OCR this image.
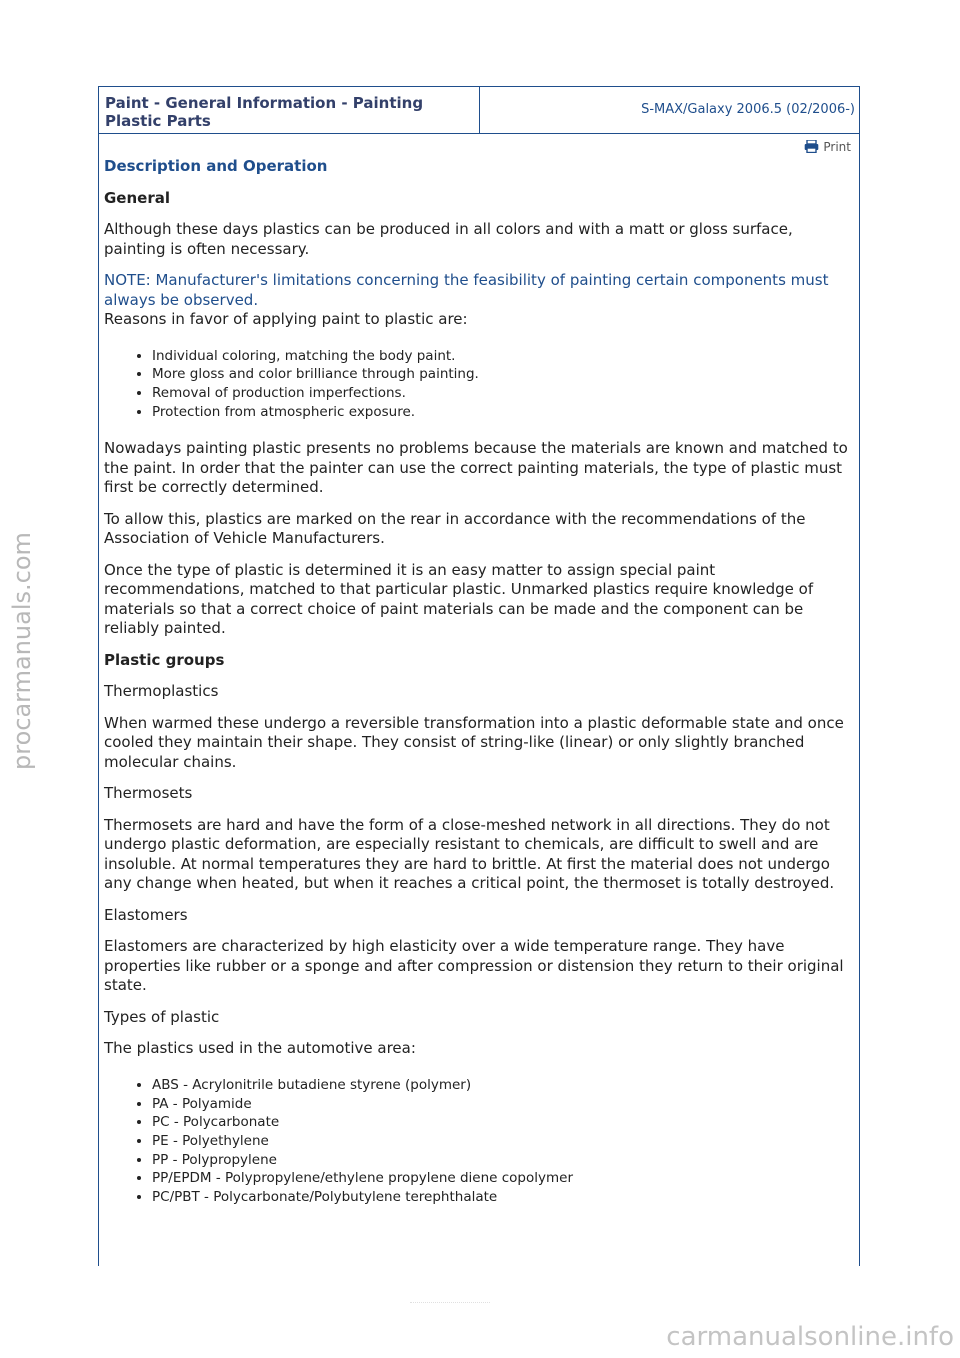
Paint - General Information - Painting Plastic Parts
S-MAX/Galaxy 2006.5 (02/2006-)
Print
Description and Operation
General

Although these days plastics can be produced in all colors and with a matt or gloss surface, painting is often necessary.

NOTE: Manufacturer's limitations concerning the feasibility of painting certain components must always be observed.

Reasons in favor of applying paint to plastic are:

• Individual coloring, matching the body paint.
• More gloss and color brilliance through painting.
• Removal of production imperfections.
• Protection from atmospheric exposure.

Nowadays painting plastic presents no problems because the materials are known and matched to the paint. In order that the painter can use the correct painting materials, the type of plastic must first be correctly determined.

To allow this, plastics are marked on the rear in accordance with the recommendations of the Association of Vehicle Manufacturers.

Once the type of plastic is determined it is an easy matter to assign special paint recommendations, matched to that particular plastic. Unmarked plastics require knowledge of materials so that a correct choice of paint materials can be made and the component can be reliably painted.

Plastic groups

Thermoplastics

When warmed these undergo a reversible transformation into a plastic deformable state and once cooled they maintain their shape. They consist of string-like (linear) or only slightly branched molecular chains.

Thermosets

Thermosets are hard and have the form of a close-meshed network in all directions. They do not undergo plastic deformation, are especially resistant to chemicals, are difficult to swell and are insoluble. At normal temperatures they are hard to brittle. At first the material does not undergo any change when heated, but when it reaches a critical point, the thermoset is totally destroyed.

Elastomers

Elastomers are characterized by high elasticity over a wide temperature range. They have properties like rubber or a sponge and after compression or distension they return to their original state.

Types of plastic

The plastics used in the automotive area:

• ABS - Acrylonitrile butadiene styrene (polymer)
• PA - Polyamide
• PC - Polycarbonate
• PE - Polyethylene
• PP - Polypropylene
• PP/EPDM - Polypropylene/ethylene propylene diene copolymer
• PC/PBT - Polycarbonate/Polybutylene terephthalate
procarmanuals.com
carmanualsonline.info
